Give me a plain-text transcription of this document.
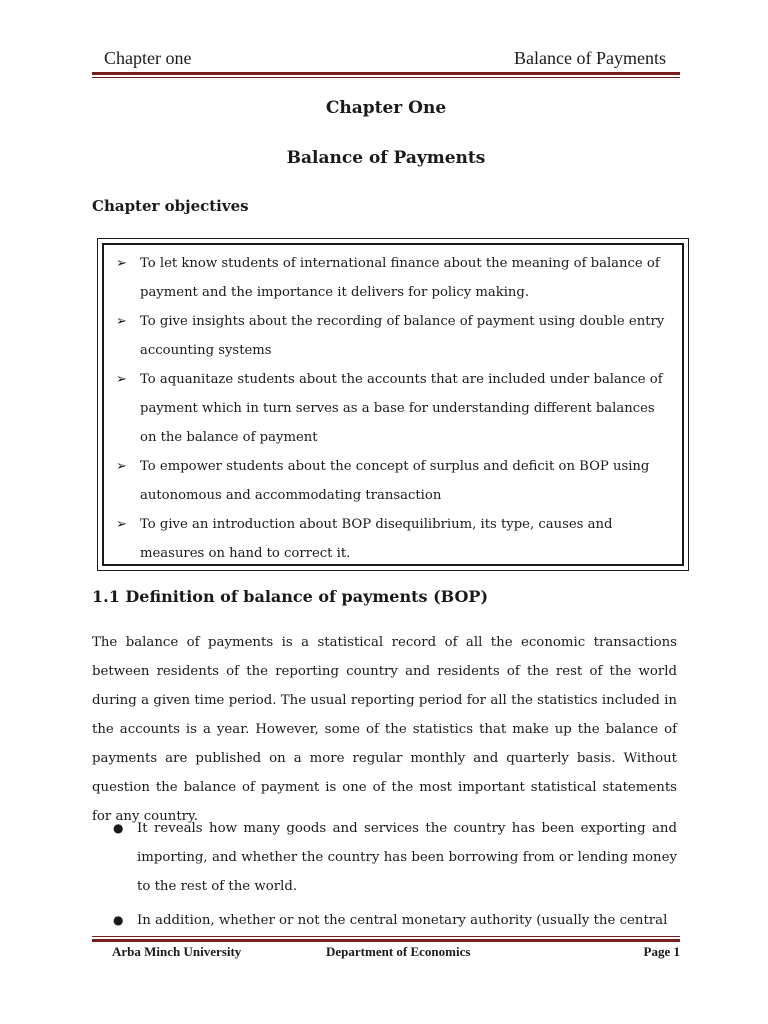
Chapter one	Balance of Payments
Chapter One
Balance of Payments
Chapter objectives
➢ To let know students of international finance about the meaning of balance of payment and the importance it delivers for policy making.
➢ To give insights about the recording of balance of payment using double entry accounting systems
➢ To aquanitaze students about the accounts that are included under balance of payment which in turn serves as a base for understanding different balances on the balance of payment
➢ To empower students about the concept of surplus and deficit on BOP using autonomous and accommodating transaction
➢ To give an introduction about BOP disequilibrium, its type, causes and measures on hand to correct it.
1.1 Definition of balance of payments (BOP)

The balance of payments is a statistical record of all the economic transactions between residents of the reporting country and residents of the rest of the world during a given time period. The usual reporting period for all the statistics included in the accounts is a year. However, some of the statistics that make up the balance of payments are published on a more regular monthly and quarterly basis. Without question the balance of payment is one of the most important statistical statements for any country.

● It reveals how many goods and services the country has been exporting and importing, and whether the country has been borrowing from or lending money to the rest of the world.
● In addition, whether or not the central monetary authority (usually the central
Arba Minch University	Department of Economics	Page 1
